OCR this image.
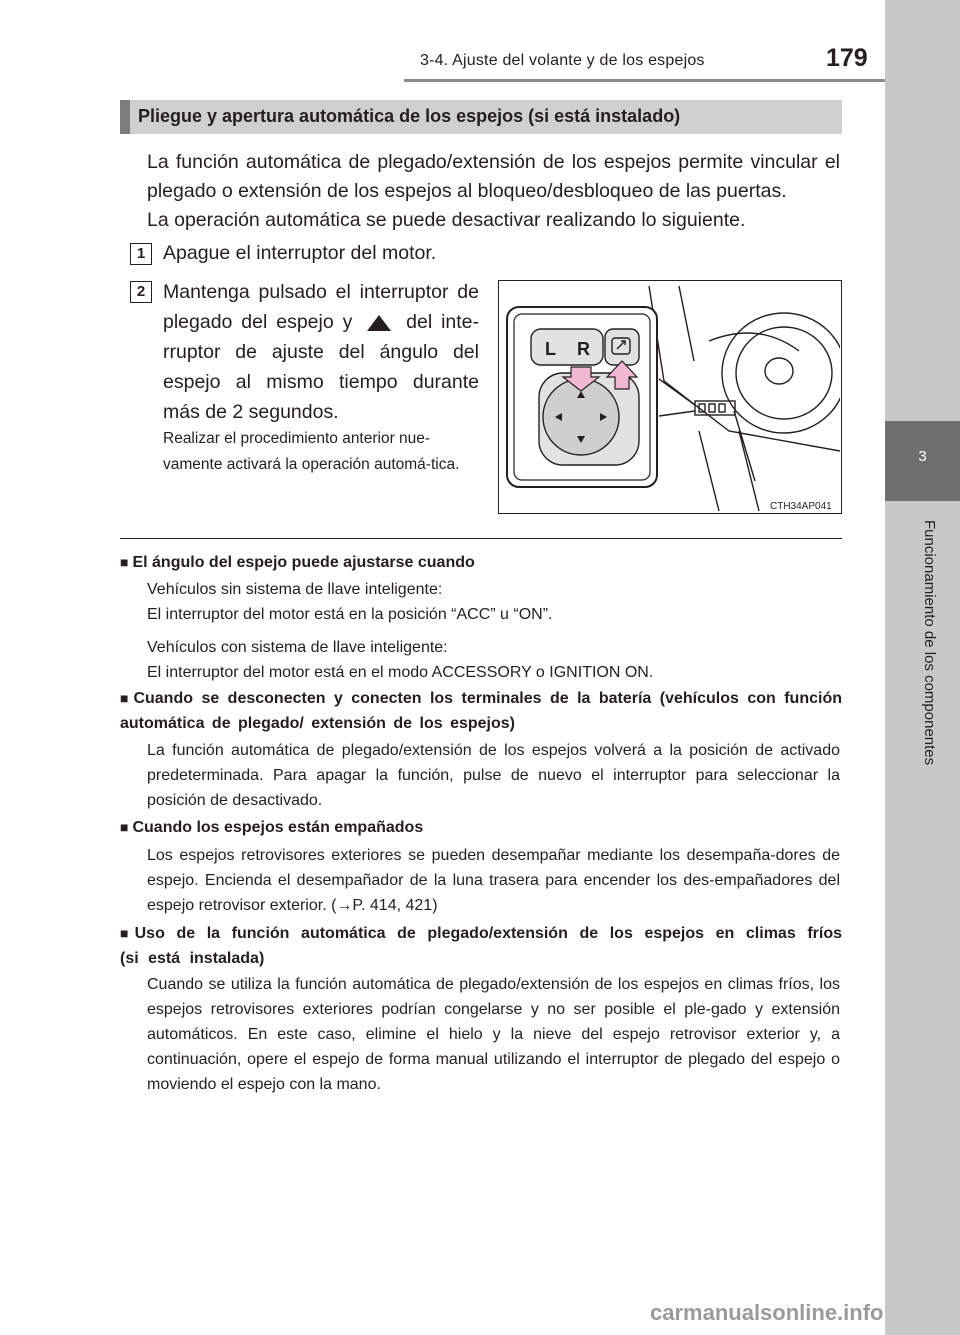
3-4. Ajuste del volante y de los espejos	179
3
Funcionamiento de los componentes
Pliegue y apertura automática de los espejos (si está instalado)
La función automática de plegado/extensión de los espejos permite vincular el plegado o extensión de los espejos al bloqueo/desbloqueo de las puertas.
La operación automática se puede desactivar realizando lo siguiente.
1 Apague el interruptor del motor.
2 Mantenga pulsado el interruptor de plegado del espejo y	del inte-rruptor de ajuste del ángulo del espejo al mismo tiempo durante más de 2 segundos.
Realizar el procedimiento anterior nue-vamente activará la operación automá-tica.
L R
CTH34AP041
■ El ángulo del espejo puede ajustarse cuando
Vehículos sin sistema de llave inteligente:
El interruptor del motor está en la posición “ACC” u “ON”.
Vehículos con sistema de llave inteligente:
El interruptor del motor está en el modo ACCESSORY o IGNITION ON.
■ Cuando se desconecten y conecten los terminales de la batería (vehículos con función automática de plegado/ extensión de los espejos)
La función automática de plegado/extensión de los espejos volverá a la posición de activado predeterminada. Para apagar la función, pulse de nuevo el interruptor para seleccionar la posición de desactivado.
■ Cuando los espejos están empañados
Los espejos retrovisores exteriores se pueden desempañar mediante los desempaña-dores de espejo. Encienda el desempañador de la luna trasera para encender los des-empañadores del espejo retrovisor exterior. (→P. 414, 421)
■ Uso de la función automática de plegado/extensión de los espejos en climas fríos (si está instalada)
Cuando se utiliza la función automática de plegado/extensión de los espejos en climas fríos, los espejos retrovisores exteriores podrían congelarse y no ser posible el ple-gado y extensión automáticos. En este caso, elimine el hielo y la nieve del espejo retrovisor exterior y, a continuación, opere el espejo de forma manual utilizando el interruptor de plegado del espejo o moviendo el espejo con la mano.
carmanualsonline.info
